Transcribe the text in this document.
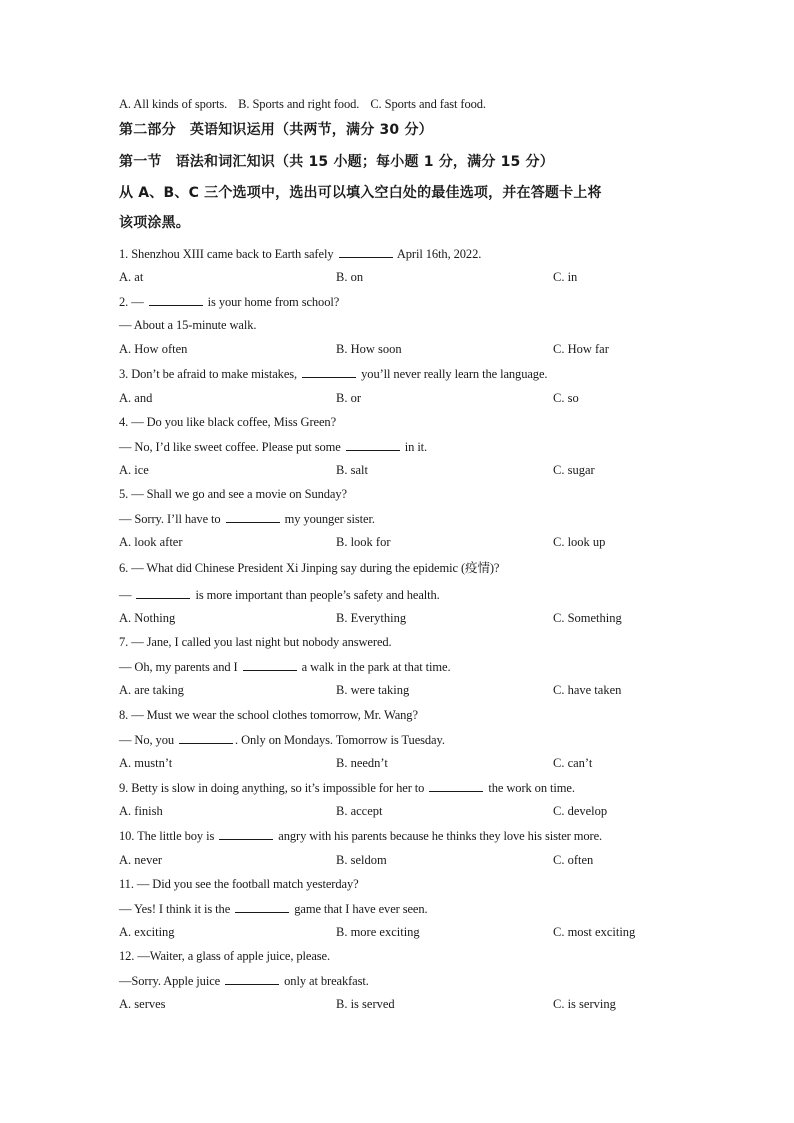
A. All kinds of sports. B. Sports and right food. C. Sports and fast food.
第二部分 英语知识运用（共两节，满分 30 分）
第一节 语法和词汇知识（共 15 小题；每小题 1 分，满分 15 分）
从 A、B、C 三个选项中，选出可以填入空白处的最佳选项，并在答题卡上将
该项涂黑。
1. Shenzhou XIII came back to Earth safely	April 16th, 2022.
A. at	B. on	C. in
2. —	is your home from school?
— About a 15-minute walk.
A. How often	B. How soon	C. How far
3. Don’t be afraid to make mistakes,	you’ll never really learn the language.
A. and	B. or	C. so
4. — Do you like black coffee, Miss Green?
— No, I’d like sweet coffee. Please put some	in it.
A. ice	B. salt	C. sugar
5. — Shall we go and see a movie on Sunday?
— Sorry. I’ll have to	my younger sister.
A. look after	B. look for	C. look up
6. — What did Chinese President Xi Jinping say during the epidemic (疫情)?
—	is more important than people’s safety and health.
A. Nothing	B. Everything	C. Something
7. — Jane, I called you last night but nobody answered.
— Oh, my parents and I	a walk in the park at that time.
A. are taking	B. were taking	C. have taken
8. — Must we wear the school clothes tomorrow, Mr. Wang?
— No, you	. Only on Mondays. Tomorrow is Tuesday.
A. mustn’t	B. needn’t	C. can’t
9. Betty is slow in doing anything, so it’s impossible for her to	the work on time.
A. finish	B. accept	C. develop
10. The little boy is	angry with his parents because he thinks they love his sister more.
A. never	B. seldom	C. often
11. — Did you see the football match yesterday?
— Yes! I think it is the	game that I have ever seen.
A. exciting	B. more exciting	C. most exciting
12. —Waiter, a glass of apple juice, please.
—Sorry. Apple juice	only at breakfast.
A. serves	B. is served	C. is serving
